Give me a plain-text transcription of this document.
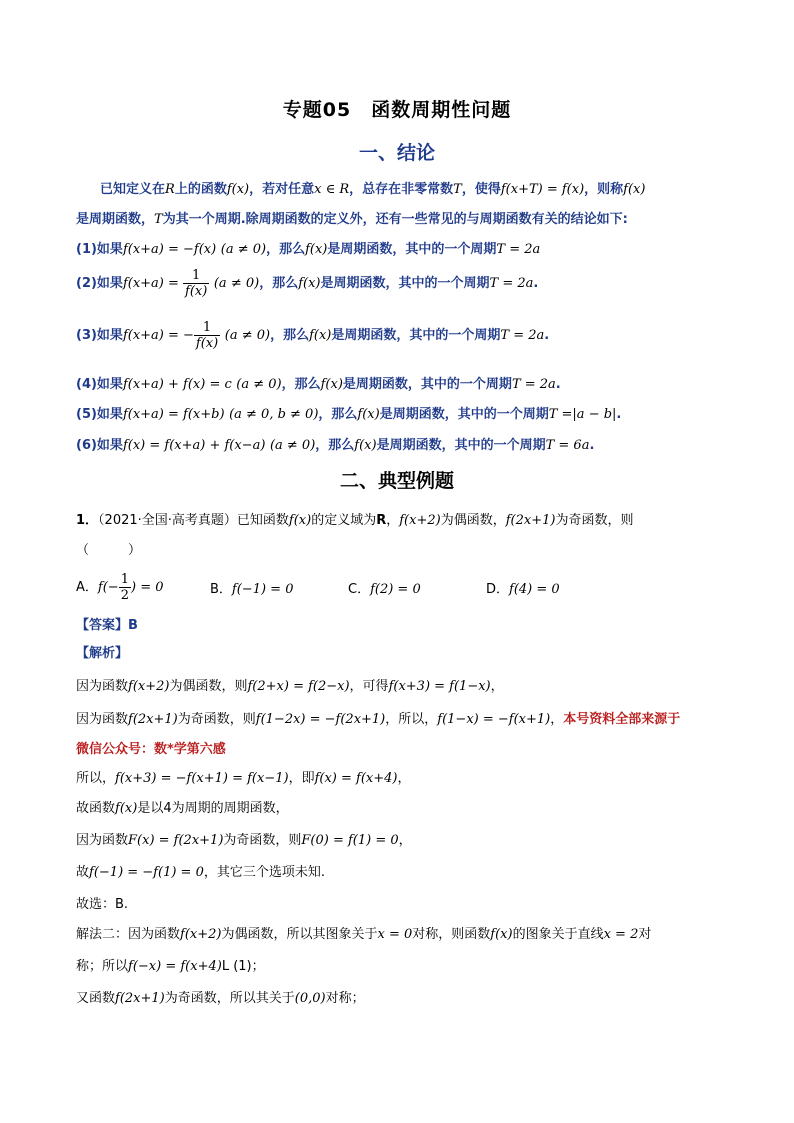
专题05　函数周期性问题
一、结论
已知定义在R上的函数f(x)，若对任意x ∈ R，总存在非零常数T，使得f(x+T) = f(x)，则称f(x)
是周期函数，T为其一个周期.除周期函数的定义外，还有一些常见的与周期函数有关的结论如下:
(1)如果f(x+a) = −f(x) (a ≠ 0)，那么f(x)是周期函数，其中的一个周期T = 2a
(2)如果$f(x+a) = \frac{1}{f(x)} (a \ne 0)$，那么f(x)是周期函数，其中的一个周期T = 2a.
(3)如果f(x+a) = − $\frac{1}{f(x)} (a \ne 0)$，那么f(x)是周期函数，其中的一个周期T = 2a.
(4)如果f(x+a) + f(x) = c (a ≠ 0)，那么f(x)是周期函数，其中的一个周期T = 2a.
(5)如果f(x+a) = f(x+b) (a ≠ 0, b ≠ 0)，那么f(x)是周期函数，其中的一个周期T =|a − b|.
(6)如果f(x) = f(x+a) + f(x−a) (a ≠ 0)，那么f(x)是周期函数，其中的一个周期T = 6a.
二、典型例题
1．（2021·全国·高考真题）已知函数f(x)的定义域为R，f(x+2)为偶函数，f(2x+1)为奇函数，则
（　　　）
A．$f(- \frac{1}{2}$ ) = 0	B．f(−1) = 0	C．f(2) = 0	D．f(4) = 0
【答案】B
【解析】
因为函数f(x+2)为偶函数，则f(2+x) = f(2−x)，可得f(x+3) = f(1−x)，
因为函数f(2x+1)为奇函数，则f(1−2x) = −f(2x+1)，所以，f(1−x) = −f(x+1)，本号资料全部来源于
微信公众号：数*学第六感
所以，f(x+3) = −f(x+1) = f(x−1)，即f(x) = f(x+4)，
故函数f(x)是以4为周期的周期函数，
因为函数F(x) = f(2x+1)为奇函数，则F(0) = f(1) = 0，
故f(−1) = −f(1) = 0，其它三个选项未知.
故选：B.
解法二：因为函数f(x+2)为偶函数，所以其图象关于x = 0对称，则函数f(x)的图象关于直线x = 2对
称；所以f(−x) = f(x+4)L (1)；
又函数f(2x+1)为奇函数，所以其关于(0,0)对称；
